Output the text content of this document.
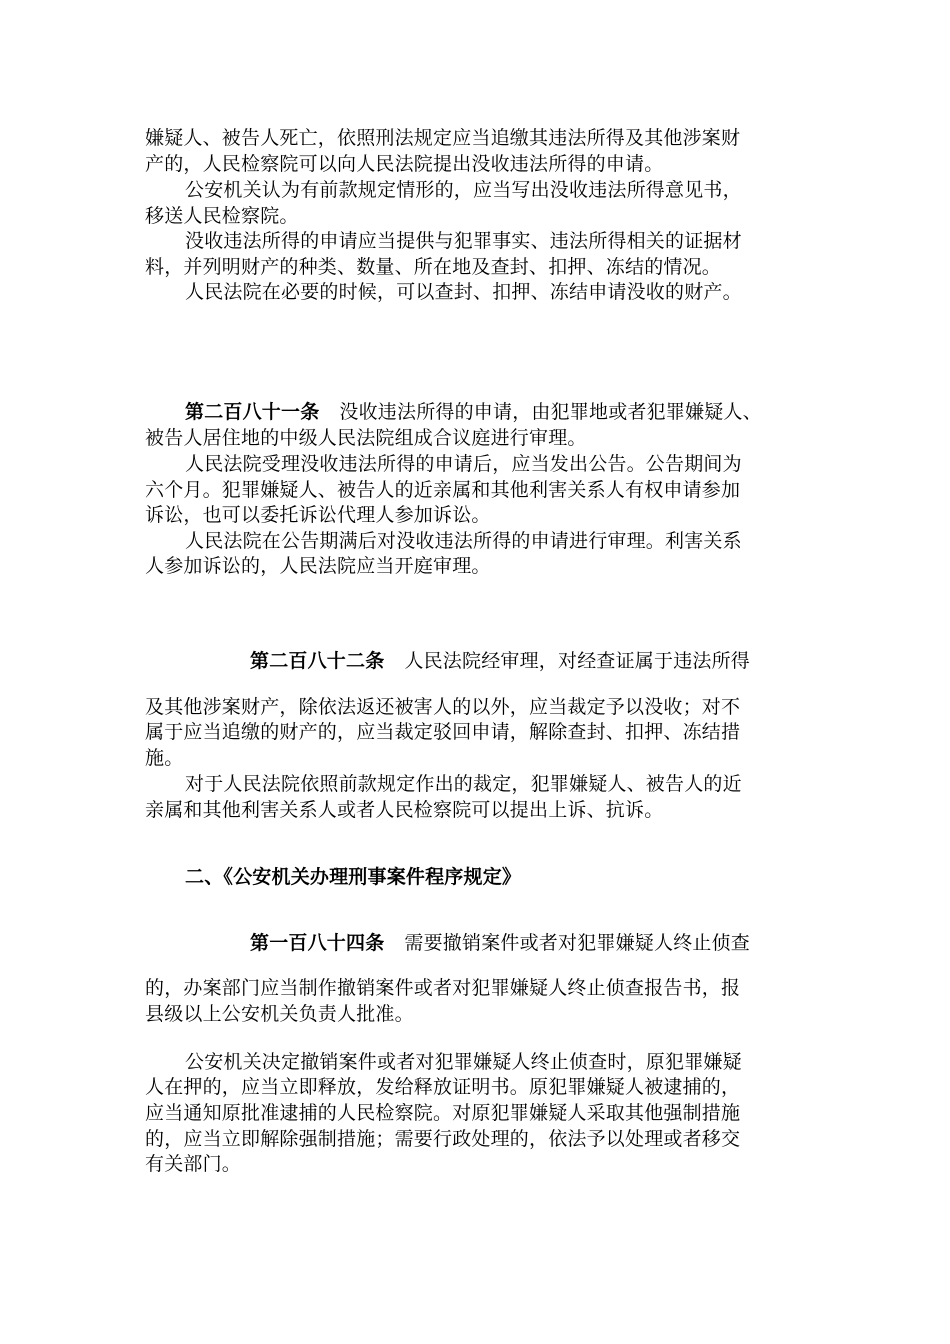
嫌疑人、被告人死亡，依照刑法规定应当追缴其违法所得及其他涉案财
产的，人民检察院可以向人民法院提出没收违法所得的申请。
公安机关认为有前款规定情形的，应当写出没收违法所得意见书，
移送人民检察院。
没收违法所得的申请应当提供与犯罪事实、违法所得相关的证据材
料，并列明财产的种类、数量、所在地及查封、扣押、冻结的情况。
人民法院在必要的时候，可以查封、扣押、冻结申请没收的财产。
第二百八十一条 没收违法所得的申请，由犯罪地或者犯罪嫌疑人、
被告人居住地的中级人民法院组成合议庭进行审理。
人民法院受理没收违法所得的申请后，应当发出公告。公告期间为
六个月。犯罪嫌疑人、被告人的近亲属和其他利害关系人有权申请参加
诉讼，也可以委托诉讼代理人参加诉讼。
人民法院在公告期满后对没收违法所得的申请进行审理。利害关系
人参加诉讼的，人民法院应当开庭审理。
第二百八十二条 人民法院经审理，对经查证属于违法所得
及其他涉案财产，除依法返还被害人的以外，应当裁定予以没收；对不
属于应当追缴的财产的，应当裁定驳回申请，解除查封、扣押、冻结措
施。
对于人民法院依照前款规定作出的裁定，犯罪嫌疑人、被告人的近
亲属和其他利害关系人或者人民检察院可以提出上诉、抗诉。
二、《公安机关办理刑事案件程序规定》
第一百八十四条 需要撤销案件或者对犯罪嫌疑人终止侦查
的，办案部门应当制作撤销案件或者对犯罪嫌疑人终止侦查报告书，报
县级以上公安机关负责人批准。
公安机关决定撤销案件或者对犯罪嫌疑人终止侦查时，原犯罪嫌疑
人在押的，应当立即释放，发给释放证明书。原犯罪嫌疑人被逮捕的，
应当通知原批准逮捕的人民检察院。对原犯罪嫌疑人采取其他强制措施
的，应当立即解除强制措施；需要行政处理的，依法予以处理或者移交
有关部门。
